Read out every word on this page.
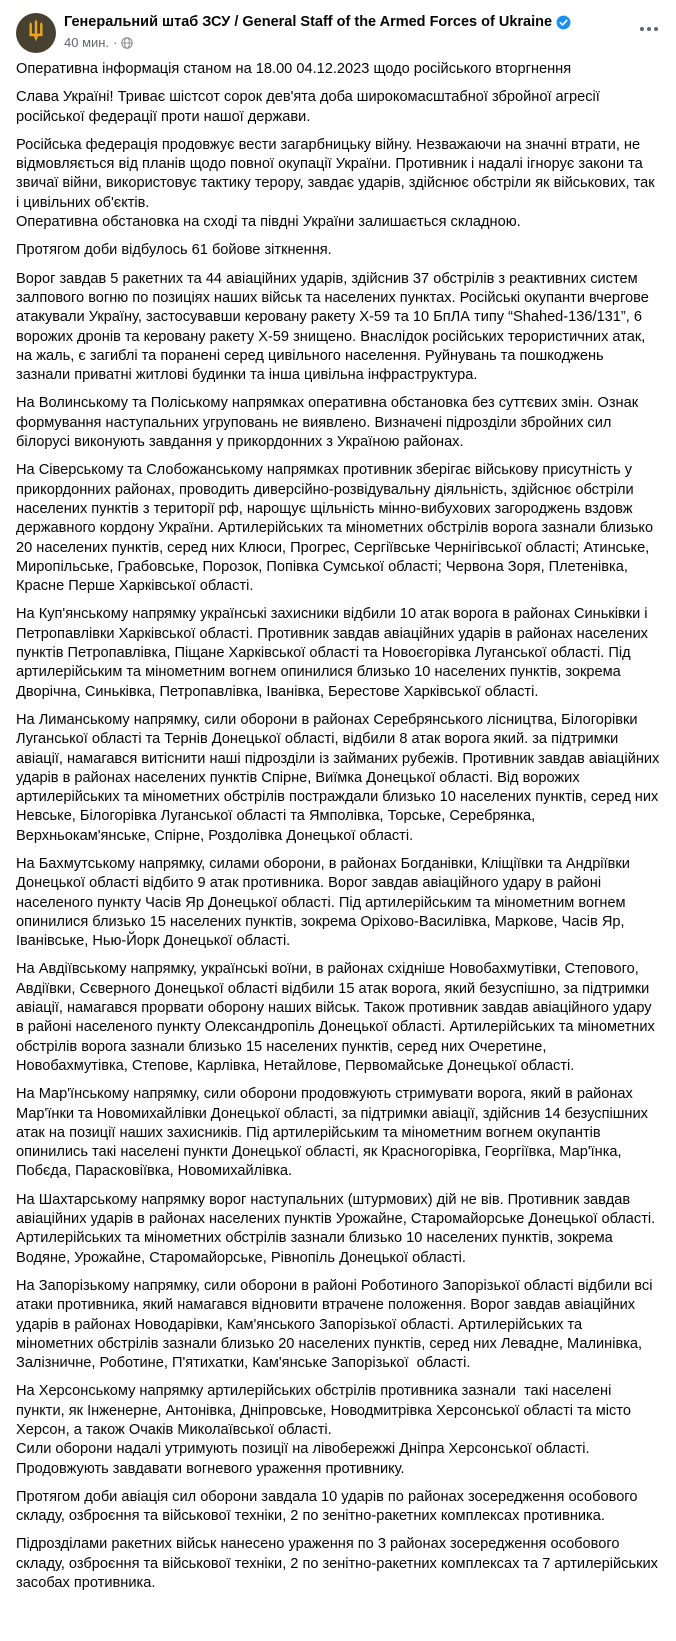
Генеральний штаб ЗСУ / General Staff of the Armed Forces of Ukraine
40 мин. ·

Оперативна інформація станом на 18.00 04.12.2023 щодо російського вторгнення

Слава Україні! Триває шістсот сорок дев'ята доба широкомасштабної збройної агресії російської федерації проти нашої держави.

Російська федерація продовжує вести загарбницьку війну. Незважаючи на значні втрати, не відмовляється від планів щодо повної окупації України. Противник і надалі ігнорує закони та звичаї війни, використовує тактику терору, завдає ударів, здійснює обстріли як військових, так і цивільних об'єктів.

Оперативна обстановка на сході та півдні України залишається складною.

Протягом доби відбулось 61 бойове зіткнення.

Ворог завдав 5 ракетних та 44 авіаційних ударів, здійснив 37 обстрілів з реактивних систем залпового вогню по позиціях наших військ та населених пунктах. Російські окупанти вчергове атакували Україну, застосувавши керовану ракету Х-59 та 10 БпЛА типу “Shahed-136/131”, 6 ворожих дронів та керовану ракету Х-59 знищено. Внаслідок російських терористичних атак, на жаль, є загиблі та поранені серед цивільного населення. Руйнувань та пошкоджень зазнали приватні житлові будинки та інша цивільна інфраструктура.

На Волинському та Поліському напрямках оперативна обстановка без суттєвих змін. Ознак формування наступальних угруповань не виявлено. Визначені підрозділи збройних сил білорусі виконують завдання у прикордонних з Україною районах.

На Сіверському та Слобожанському напрямках противник зберігає військову присутність у прикордонних районах, проводить диверсійно-розвідувальну діяльність, здійснює обстріли населених пунктів з території рф, нарощує щільність мінно-вибухових загороджень вздовж державного кордону України. Артилерійських та мінометних обстрілів ворога зазнали близько 20 населених пунктів, серед них Клюси, Прогрес, Сергіївське Чернігівської області; Атинське, Миропільське, Грабовське, Порозок, Попівка Сумської області; Червона Зоря, Плетенівка, Красне Перше Харківської області.

На Куп'янському напрямку українські захисники відбили 10 атак ворога в районах Синьківки і Петропавлівки Харківської області. Противник завдав авіаційних ударів в районах населених пунктів Петропавлівка, Піщане Харківської області та Новоєгорівка Луганської області. Під артилерійським та мінометним вогнем опинилися близько 10 населених пунктів, зокрема Дворічна, Синьківка, Петропавлівка, Іванівка, Берестове Харківської області.

На Лиманському напрямку, сили оборони в районах Серебрянського лісництва, Білогорівки Луганської області та Тернів Донецької області, відбили 8 атак ворога який. за підтримки авіації, намагався витіснити наші підрозділи із займаних рубежів. Противник завдав авіаційних ударів в районах населених пунктів Спірне, Виїмка Донецької області. Від ворожих артилерійських та мінометних обстрілів постраждали близько 10 населених пунктів, серед них Невське, Білогорівка Луганської області та Ямполівка, Торське, Серебрянка, Верхньокам'янське, Спірне, Роздолівка Донецької області.

На Бахмутському напрямку, силами оборони, в районах Богданівки, Кліщіївки та Андріївки Донецької області відбито 9 атак противника. Ворог завдав авіаційного удару в районі населеного пункту Часів Яр Донецької області. Під артилерійським та мінометним вогнем опинилися близько 15 населених пунктів, зокрема Оріхово-Василівка, Маркове, Часів Яр, Іванівське, Нью-Йорк Донецької області.

На Авдіївському напрямку, українські воїни, в районах східніше Новобахмутівки, Степового, Авдіївки, Сєверного Донецької області відбили 15 атак ворога, який безуспішно, за підтримки авіації, намагався прорвати оборону наших військ. Також противник завдав авіаційного удару в районі населеного пункту Олександропіль Донецької області. Артилерійських та мінометних обстрілів ворога зазнали близько 15 населених пунктів, серед них Очеретине, Новобахмутівка, Степове, Карлівка, Нетайлове, Первомайське Донецької області.

На Мар'їнському напрямку, сили оборони продовжують стримувати ворога, який в районах Мар'їнки та Новомихайлівки Донецької області, за підтримки авіації, здійснив 14 безуспішних атак на позиції наших захисників. Під артилерійським та мінометним вогнем окупантів опинились такі населені пункти Донецької області, як Красногорівка, Георгіївка, Мар'їнка, Побєда, Парасковіївка, Новомихайлівка.

На Шахтарському напрямку ворог наступальних (штурмових) дій не вів. Противник завдав авіаційних ударів в районах населених пунктів Урожайне, Старомайорське Донецької області. Артилерійських та мінометних обстрілів зазнали близько 10 населених пунктів, зокрема Водяне, Урожайне, Старомайорське, Рівнопіль Донецької області.

На Запорізькому напрямку, сили оборони в районі Роботиного Запорізької області відбили всі атаки противника, який намагався відновити втрачене положення. Ворог завдав авіаційних ударів в районах Новодарівки, Кам'янського Запорізької області. Артилерійських та мінометних обстрілів зазнали близько 20 населених пунктів, серед них Левадне, Малинівка, Залізничне, Роботине, П'ятихатки, Кам'янське Запорізької  області.

На Херсонському напрямку артилерійських обстрілів противника зазнали  такі населені пункти, як Інженерне, Антонівка, Дніпровське, Новодмитрівка Херсонської області та місто Херсон, а також Очаків Миколаївської області.

Сили оборони надалі утримують позиції на лівобережжі Дніпра Херсонської області. Продовжують завдавати вогневого ураження противнику.

Протягом доби авіація сил оборони завдала 10 ударів по районах зосередження особового складу, озброєння та військової техніки, 2 по зенітно-ракетних комплексах противника.

Підрозділами ракетних військ нанесено ураження по 3 районах зосередження особового складу, озброєння та військової техніки, 2 по зенітно-ракетних комплексах та 7 артилерійських засобах противника.
